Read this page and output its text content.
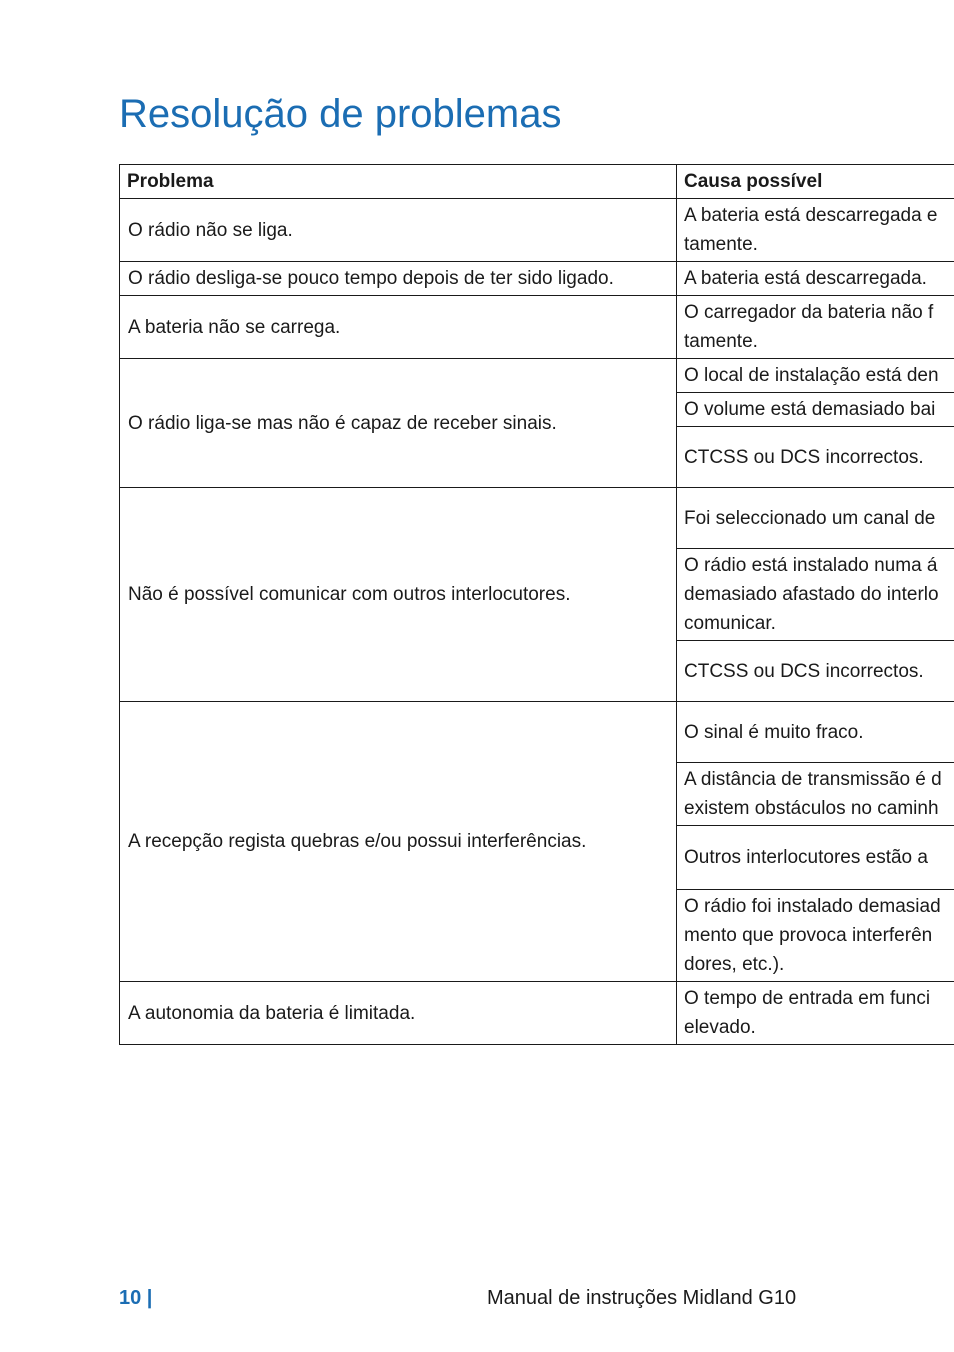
Resolução de problemas
Problema	Causa possível
O rádio não se liga.	A bateria está descarregada e
tamente.
O rádio desliga-se pouco tempo depois de ter sido ligado.	A bateria está descarregada.
A bateria não se carrega.	O carregador da bateria não f
tamente.
O rádio liga-se mas não é capaz de receber sinais.	O local de instalação está den
	O volume está demasiado bai
	CTCSS ou DCS incorrectos.
Não é possível comunicar com outros interlocutores.	Foi seleccionado um canal de
	O rádio está instalado numa á
demasiado afastado do interlo
comunicar.
	CTCSS ou DCS incorrectos.
A recepção regista quebras e/ou possui interferências.	O sinal é muito fraco.
	A distância de transmissão é d
existem obstáculos no caminh
	Outros interlocutores estão a
	O rádio foi instalado demasiad
mento que provoca interferên
dores, etc.).
A autonomia da bateria é limitada.	O tempo de entrada em funci
elevado.
10 |	Manual de instruções Midland G10
